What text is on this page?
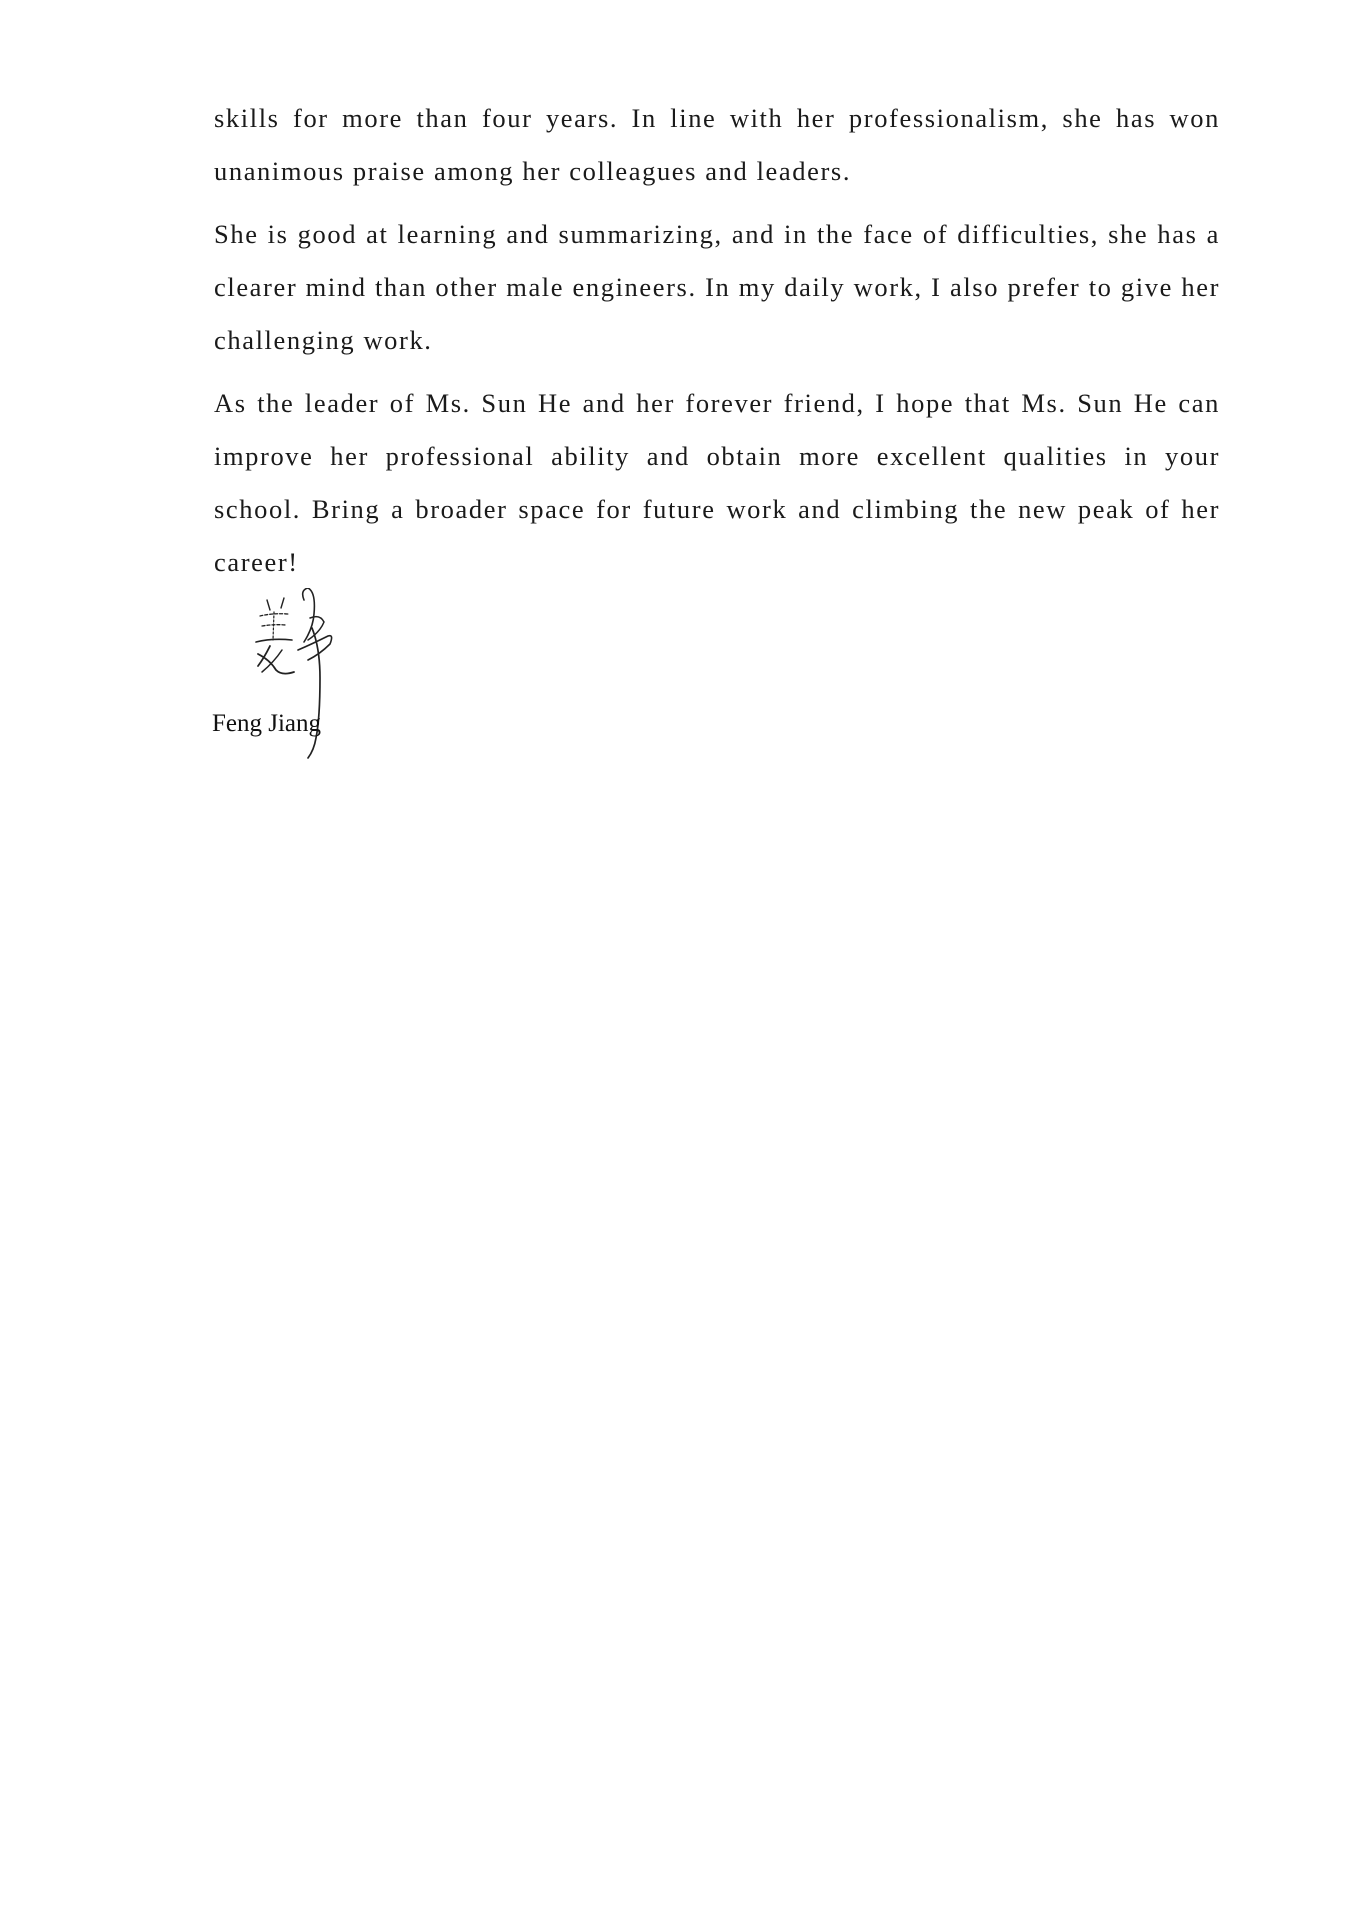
skills for more than four years. In line with her professionalism, she has won unanimous praise among her colleagues and leaders.

She is good at learning and summarizing, and in the face of difficulties, she has a clearer mind than other male engineers. In my daily work, I also prefer to give her challenging work.

As the leader of Ms. Sun He and her forever friend, I hope that Ms. Sun He can improve her professional ability and obtain more excellent qualities in your school. Bring a broader space for future work and climbing the new peak of her career!

Feng Jiang
